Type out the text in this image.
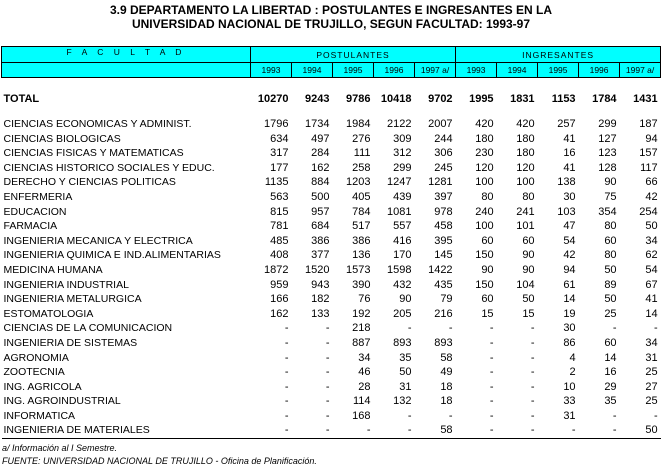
3.9 DEPARTAMENTO LA LIBERTAD : POSTULANTES E INGRESANTES EN LA
UNIVERSIDAD NACIONAL DE TRUJILLO, SEGUN FACULTAD: 1993-97
F A C U L T A D	POSTULANTES					INGRESANTES				
	1993	1994	1995	1996	1997 a/	1993	1994	1995	1996	1997 a/

TOTAL	10270	9243	9786	10418	9702	1995	1831	1153	1784	1431

CIENCIAS ECONOMICAS Y ADMINIST.	1796	1734	1984	2122	2007	420	420	257	299	187
CIENCIAS BIOLOGICAS	634	497	276	309	244	180	180	41	127	94
CIENCIAS FISICAS Y MATEMATICAS	317	284	111	312	306	230	180	16	123	157
CIENCIAS HISTORICO SOCIALES Y EDUC.	177	162	258	299	245	120	120	41	128	117
DERECHO Y CIENCIAS POLITICAS	1135	884	1203	1247	1281	100	100	138	90	66
ENFERMERIA	563	500	405	439	397	80	80	30	75	42
EDUCACION	815	957	784	1081	978	240	241	103	354	254
FARMACIA	781	684	517	557	458	100	101	47	80	50
INGENIERIA MECANICA Y ELECTRICA	485	386	386	416	395	60	60	54	60	34
INGENIERIA QUIMICA E IND.ALIMENTARIAS	408	377	136	170	145	150	90	42	80	62
MEDICINA HUMANA	1872	1520	1573	1598	1422	90	90	94	50	54
INGENIERIA INDUSTRIAL	959	943	390	432	435	150	104	61	89	67
INGENIERIA METALURGICA	166	182	76	90	79	60	50	14	50	41
ESTOMATOLOGIA	162	133	192	205	216	15	15	19	25	14
CIENCIAS DE LA COMUNICACION	-	-	218	-	-	-	-	30	-	-
INGENIERIA DE SISTEMAS	-	-	887	893	893	-	-	86	60	34
AGRONOMIA	-	-	34	35	58	-	-	4	14	31
ZOOTECNIA	-	-	46	50	49	-	-	2	16	25
ING. AGRICOLA	-	-	28	31	18	-	-	10	29	27
ING. AGROINDUSTRIAL	-	-	114	132	18	-	-	33	35	25
INFORMATICA	-	-	168	-	-	-	-	31	-	-
INGENIERIA DE MATERIALES	-	-	-	-	58	-	-	-	-	50
a/ Información al I Semestre.
FUENTE: UNIVERSIDAD NACIONAL DE TRUJILLO - Oficina de Planificación.
